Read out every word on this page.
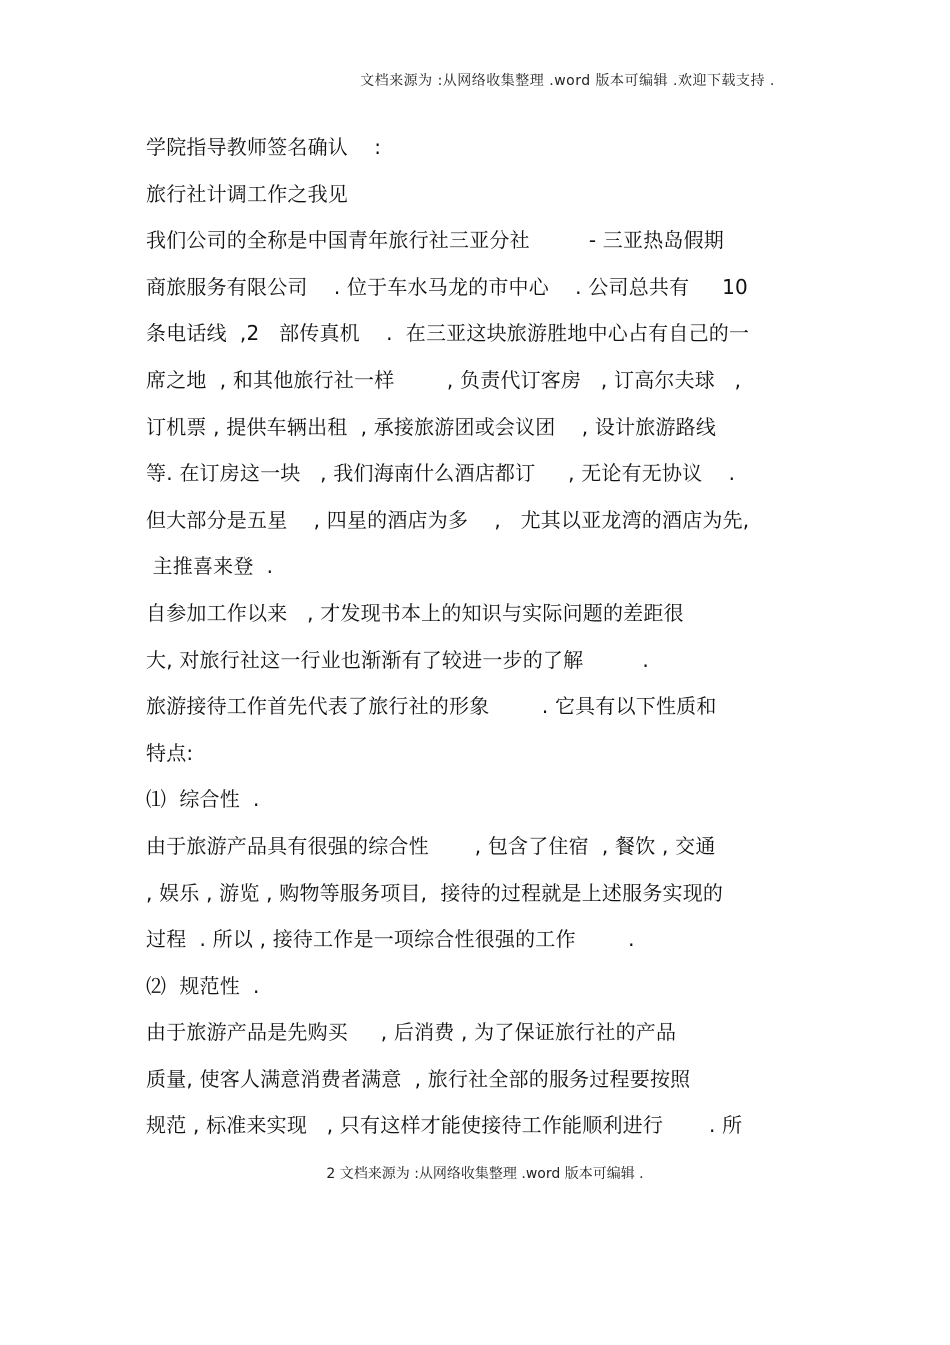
文档来源为 :从网络收集整理 .word 版本可编辑 .欢迎下载支持 .
学院指导教师签名确认    :
旅行社计调工作之我见
我们公司的全称是中国青年旅行社三亚分社         - 三亚热岛假期
商旅服务有限公司    . 位于车水马龙的市中心    . 公司总共有     10
条电话线  ,2   部传真机    .  在三亚这块旅游胜地中心占有自己的一
席之地  , 和其他旅行社一样        , 负责代订客房   , 订高尔夫球   ,
订机票 , 提供车辆出租  , 承接旅游团或会议团    , 设计旅游路线
等. 在订房这一块   , 我们海南什么酒店都订     , 无论有无协议    .
但大部分是五星    , 四星的酒店为多    ,   尤其以亚龙湾的酒店为先,
主推喜来登  .
自参加工作以来   , 才发现书本上的知识与实际问题的差距很
大, 对旅行社这一行业也渐渐有了较进一步的了解         .
旅游接待工作首先代表了旅行社的形象        . 它具有以下性质和
特点:
⑴  综合性  .
由于旅游产品具有很强的综合性       , 包含了住宿  , 餐饮 , 交通
, 娱乐 , 游览 , 购物等服务项目,  接待的过程就是上述服务实现的
过程  . 所以 , 接待工作是一项综合性很强的工作        .
⑵  规范性  .
由于旅游产品是先购买     , 后消费 , 为了保证旅行社的产品
质量, 使客人满意消费者满意  , 旅行社全部的服务过程要按照
规范 , 标准来实现   , 只有这样才能使接待工作能顺利进行       . 所
2 文档来源为 :从网络收集整理 .word 版本可编辑 .
